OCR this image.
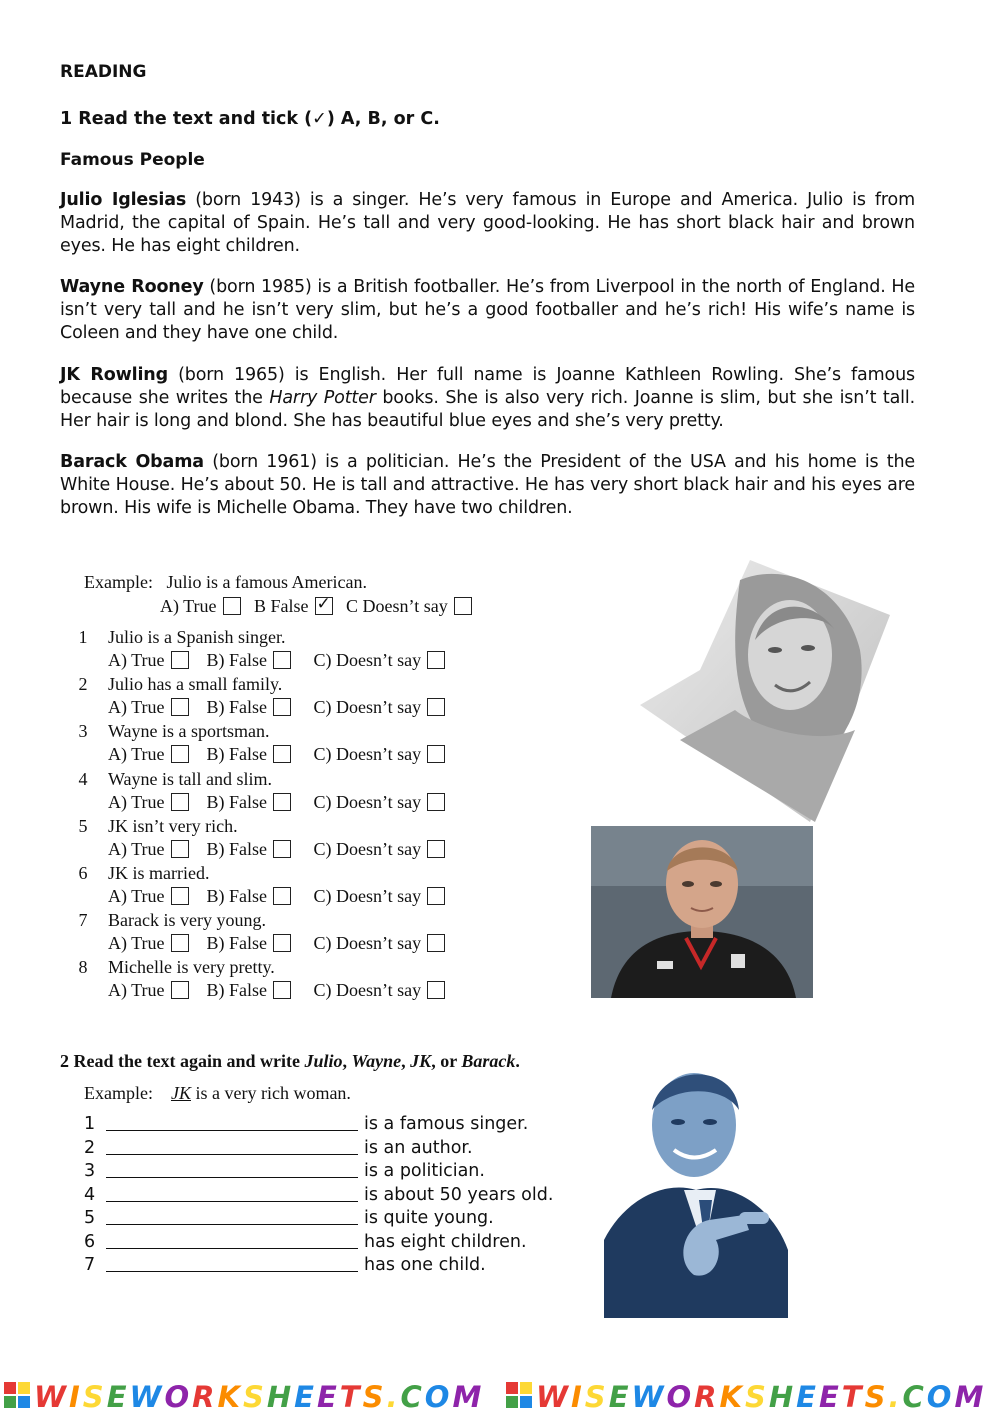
READING
1 Read the text and tick (✓) A, B, or C.
Famous People
Julio Iglesias (born 1943) is a singer. He’s very famous in Europe and America. Julio is from Madrid, the capital of Spain. He’s tall and very good-looking. He has short black hair and brown eyes. He has eight children.
Wayne Rooney (born 1985) is a British footballer. He’s from Liverpool in the north of England. He isn’t very tall and he isn’t very slim, but he’s a good footballer and he’s rich! His wife’s name is Coleen and they have one child.
JK Rowling (born 1965) is English. Her full name is Joanne Kathleen Rowling. She’s famous because she writes the Harry Potter books. She is also very rich. Joanne is slim, but she isn’t tall. Her hair is long and blond. She has beautiful blue eyes and she’s very pretty.
Barack Obama (born 1961) is a politician. He’s the President of the USA and his home is the White House. He’s about 50. He is tall and attractive. He has very short black hair and his eyes are brown. His wife is Michelle Obama. They have two children.
Example: Julio is a famous American.
A) True B False ✓ C Doesn’t say
1	Julio is a Spanish singer.
A) True B) False	C) Doesn’t say
2	Julio has a small family.
A) True B) False	C) Doesn’t say
3	Wayne is a sportsman.
A) True B) False	C) Doesn’t say
4	Wayne is tall and slim.
A) True B) False	C) Doesn’t say
5	JK isn’t very rich.
A) True B) False	C) Doesn’t say
6	JK is married.
A) True B) False	C) Doesn’t say
7	Barack is very young.
A) True B) False	C) Doesn’t say
8	Michelle is very pretty.
A) True B) False	C) Doesn’t say
2 Read the text again and write Julio, Wayne, JK, or Barack.
Example: JK is a very rich woman.
1	is a famous singer.
2	is an author.
3	is a politician.
4	is about 50 years old.
5	is quite young.
6	has eight children.
7	has one child.
WISEWORKSHEETS.COM WISEWORKSHEETS.COM
